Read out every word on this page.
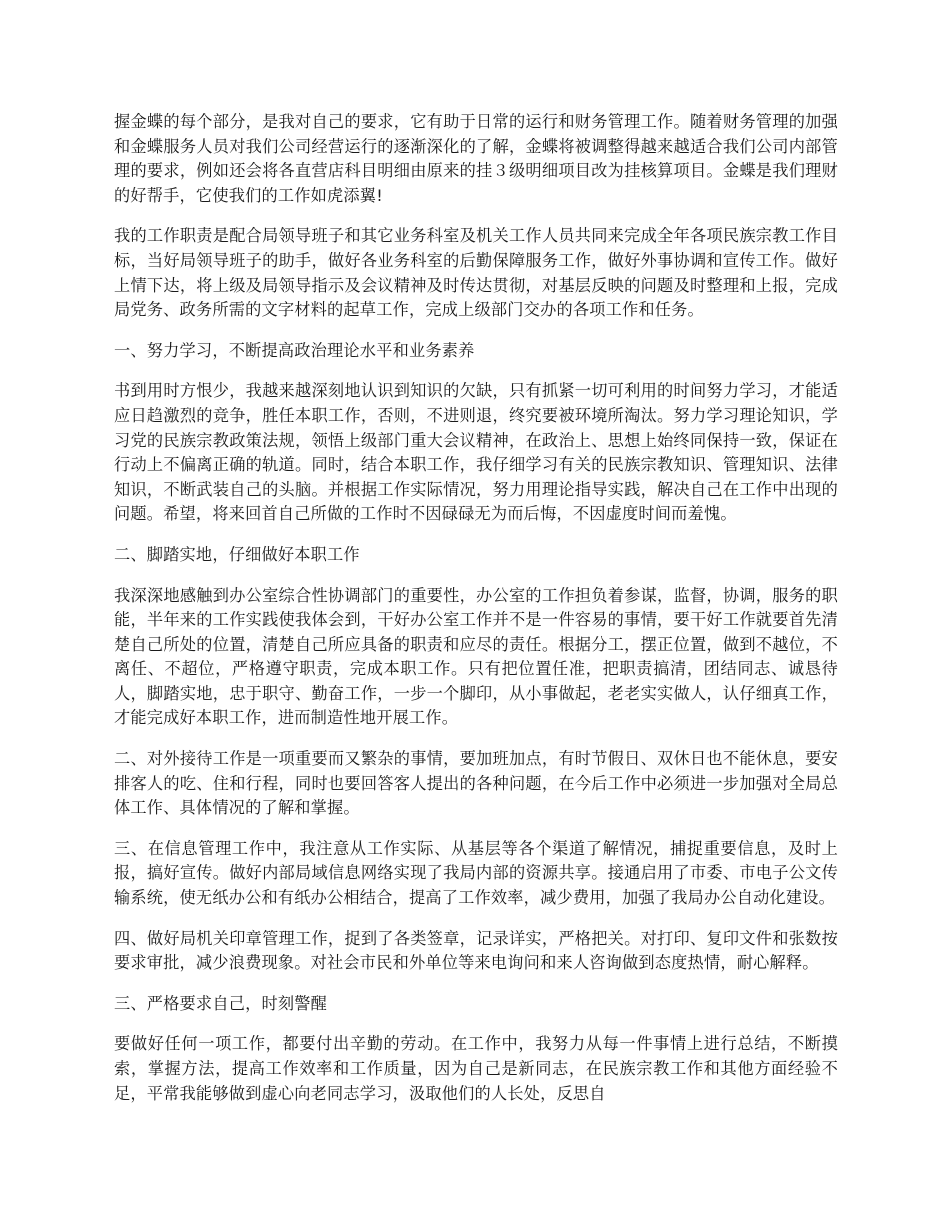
握金蝶的每个部分，是我对自己的要求，它有助于日常的运行和财务管理工作。随着财务管理的加强和金蝶服务人员对我们公司经营运行的逐渐深化的了解，金蝶将被调整得越来越适合我们公司内部管理的要求，例如还会将各直营店科目明细由原来的挂３级明细项目改为挂核算项目。金蝶是我们理财的好帮手，它使我们的工作如虎添翼!

我的工作职责是配合局领导班子和其它业务科室及机关工作人员共同来完成全年各项民族宗教工作目标，当好局领导班子的助手，做好各业务科室的后勤保障服务工作，做好外事协调和宣传工作。做好上情下达，将上级及局领导指示及会议精神及时传达贯彻，对基层反映的问题及时整理和上报，完成局党务、政务所需的文字材料的起草工作，完成上级部门交办的各项工作和任务。

一、努力学习，不断提高政治理论水平和业务素养

书到用时方恨少，我越来越深刻地认识到知识的欠缺，只有抓紧一切可利用的时间努力学习，才能适应日趋激烈的竞争，胜任本职工作，否则，不进则退，终究要被环境所淘汰。努力学习理论知识，学习党的民族宗教政策法规，领悟上级部门重大会议精神，在政治上、思想上始终同保持一致，保证在行动上不偏离正确的轨道。同时，结合本职工作，我仔细学习有关的民族宗教知识、管理知识、法律知识，不断武装自己的头脑。并根据工作实际情况，努力用理论指导实践，解决自己在工作中出现的问题。希望，将来回首自己所做的工作时不因碌碌无为而后悔，不因虚度时间而羞愧。

二、脚踏实地，仔细做好本职工作

我深深地感触到办公室综合性协调部门的重要性，办公室的工作担负着参谋，监督，协调，服务的职能，半年来的工作实践使我体会到，干好办公室工作并不是一件容易的事情，要干好工作就要首先清楚自己所处的位置，清楚自己所应具备的职责和应尽的责任。根据分工，摆正位置，做到不越位，不离任、不超位，严格遵守职责，完成本职工作。只有把位置任准，把职责搞清，团结同志、诚恳待人，脚踏实地，忠于职守、勤奋工作，一步一个脚印，从小事做起，老老实实做人，认仔细真工作，才能完成好本职工作，进而制造性地开展工作。

二、对外接待工作是一项重要而又繁杂的事情，要加班加点，有时节假日、双休日也不能休息，要安排客人的吃、住和行程，同时也要回答客人提出的各种问题，在今后工作中必须进一步加强对全局总体工作、具体情况的了解和掌握。

三、在信息管理工作中，我注意从工作实际、从基层等各个渠道了解情况，捕捉重要信息，及时上报，搞好宣传。做好内部局域信息网络实现了我局内部的资源共享。接通启用了市委、市电子公文传输系统，使无纸办公和有纸办公相结合，提高了工作效率，减少费用，加强了我局办公自动化建设。

四、做好局机关印章管理工作，捉到了各类签章，记录详实，严格把关。对打印、复印文件和张数按要求审批，减少浪费现象。对社会市民和外单位等来电询问和来人咨询做到态度热情，耐心解释。

三、严格要求自己，时刻警醒

要做好任何一项工作，都要付出辛勤的劳动。在工作中，我努力从每一件事情上进行总结，不断摸索，掌握方法，提高工作效率和工作质量，因为自己是新同志，在民族宗教工作和其他方面经验不足，平常我能够做到虚心向老同志学习，汲取他们的人长处，反思自
